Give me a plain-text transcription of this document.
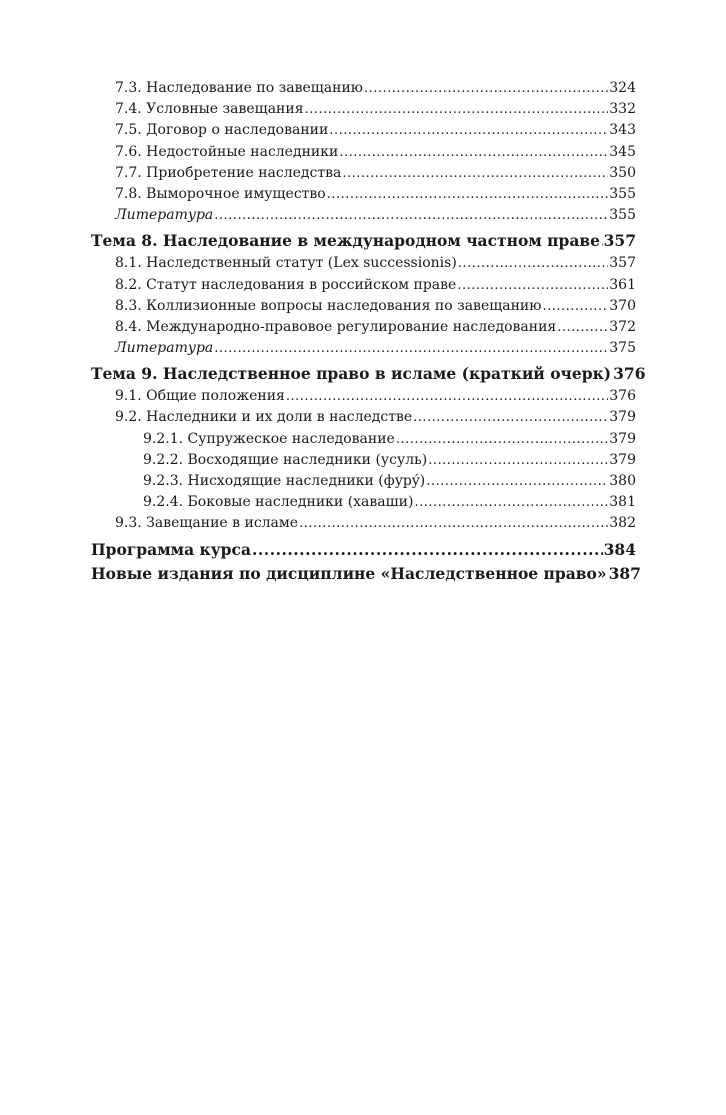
7.3. Наследование по завещанию .....	324
7.4. Условные завещания .....	332
7.5. Договор о наследовании .....	343
7.6. Недостойные наследники .....	345
7.7. Приобретение наследства .....	350
7.8. Выморочное имущество .....	355
Литература .....	355
Тема 8. Наследование в международном частном праве ..... 357
8.1. Наследственный статут (Lex successionis) .....	357
8.2. Статут наследования в российском праве .....	361
8.3. Коллизионные вопросы наследования по завещанию .....	370
8.4. Международно-правовое регулирование наследования .....	372
Литература .....	375
Тема 9. Наследственное право в исламе (краткий очерк) 376
9.1. Общие положения .....	376
9.2. Наследники и их доли в наследстве .....	379
9.2.1. Супружеское наследование .....	379
9.2.2. Восходящие наследники (усуль) .....	379
9.2.3. Нисходящие наследники (фурý) .....	380
9.2.4. Боковые наследники (хаваши) .....	381
9.3. Завещание в исламе .....	382
Программа курса .....	384
Новые издания по дисциплине «Наследственное право» 387
